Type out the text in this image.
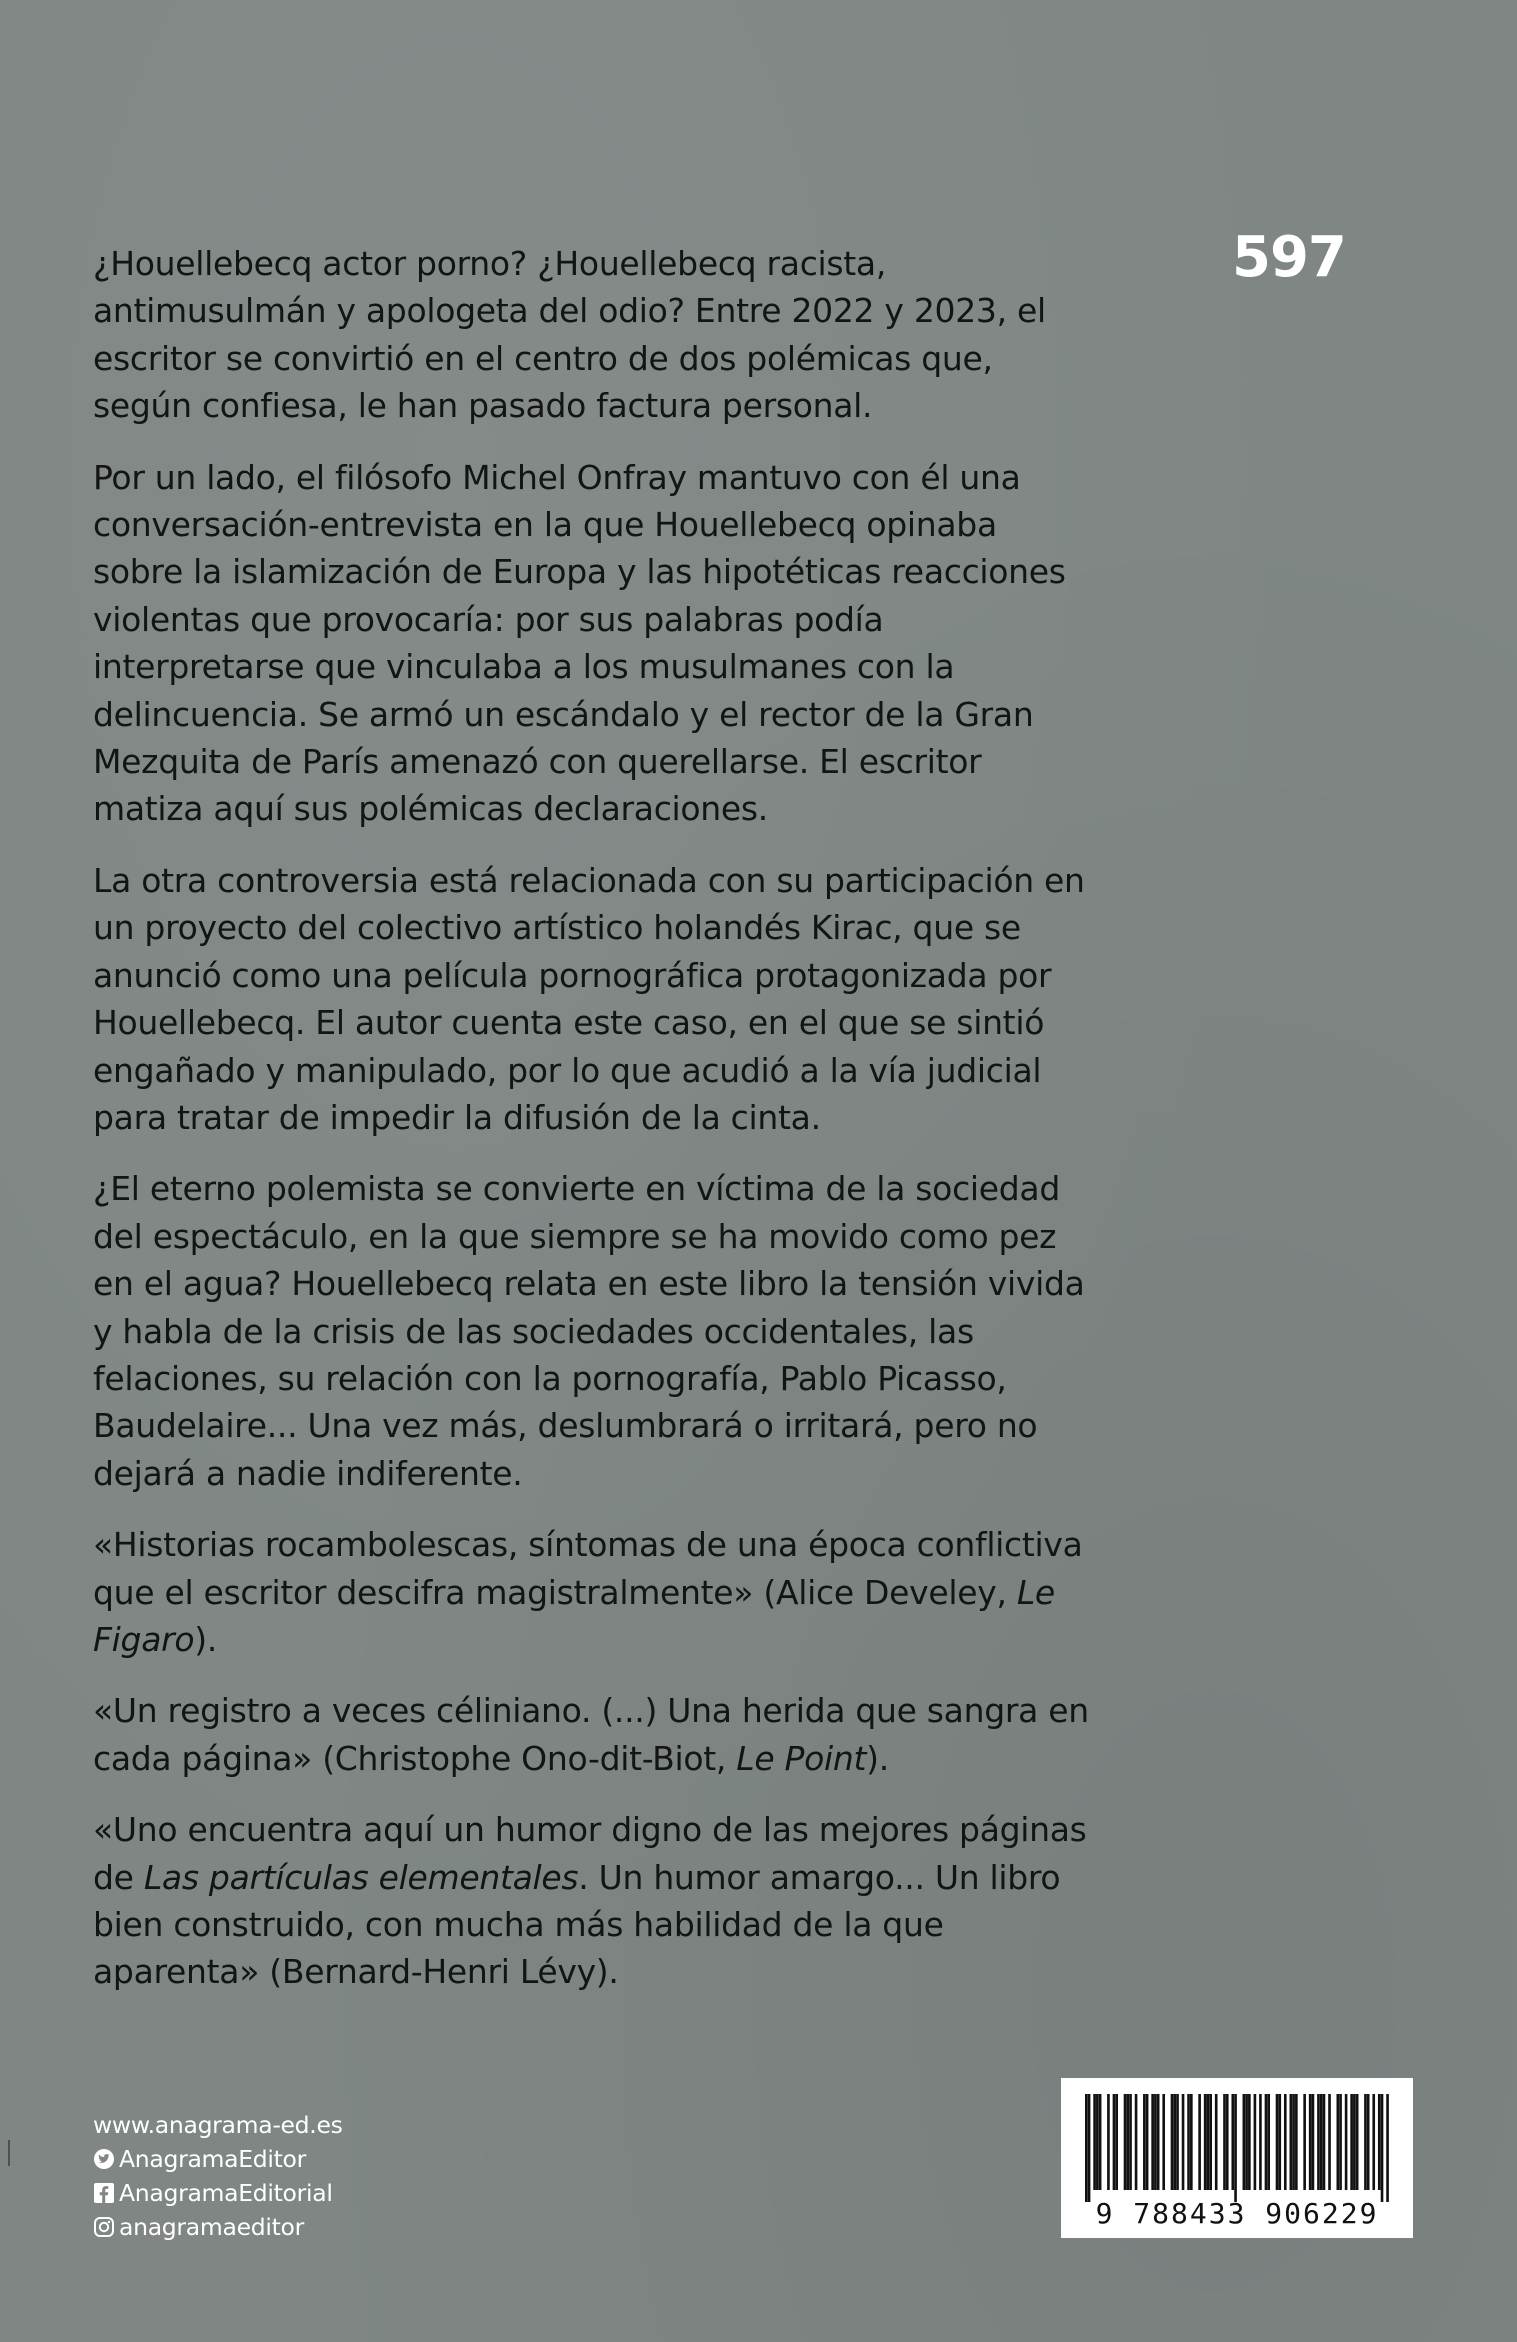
597

¿Houellebecq actor porno? ¿Houellebecq racista, antimusulmán y apologeta del odio? Entre 2022 y 2023, el escritor se convirtió en el centro de dos polémicas que, según confiesa, le han pasado factura personal.

Por un lado, el filósofo Michel Onfray mantuvo con él una conversación-entrevista en la que Houellebecq opinaba sobre la islamización de Europa y las hipotéticas reacciones violentas que provocaría: por sus palabras podía interpretarse que vinculaba a los musulmanes con la delincuencia. Se armó un escándalo y el rector de la Gran Mezquita de París amenazó con querellarse. El escritor matiza aquí sus polémicas declaraciones.

La otra controversia está relacionada con su participación en un proyecto del colectivo artístico holandés Kirac, que se anunció como una película pornográfica protagonizada por Houellebecq. El autor cuenta este caso, en el que se sintió engañado y manipulado, por lo que acudió a la vía judicial para tratar de impedir la difusión de la cinta.

¿El eterno polemista se convierte en víctima de la sociedad del espectáculo, en la que siempre se ha movido como pez en el agua? Houellebecq relata en este libro la tensión vivida y habla de la crisis de las sociedades occidentales, las felaciones, su relación con la pornografía, Pablo Picasso, Baudelaire... Una vez más, deslumbrará o irritará, pero no dejará a nadie indiferente.

«Historias rocambolescas, síntomas de una época conflictiva que el escritor descifra magistralmente» (Alice Develey, Le Figaro).

«Un registro a veces céliniano. (...) Una herida que sangra en cada página» (Christophe Ono-dit-Biot, Le Point).

«Uno encuentra aquí un humor digno de las mejores páginas de Las partículas elementales. Un humor amargo... Un libro bien construido, con mucha más habilidad de la que aparenta» (Bernard-Henri Lévy).

www.anagrama-ed.es
AnagramaEditor
AnagramaEditorial
anagramaeditor	9 788433 906229
